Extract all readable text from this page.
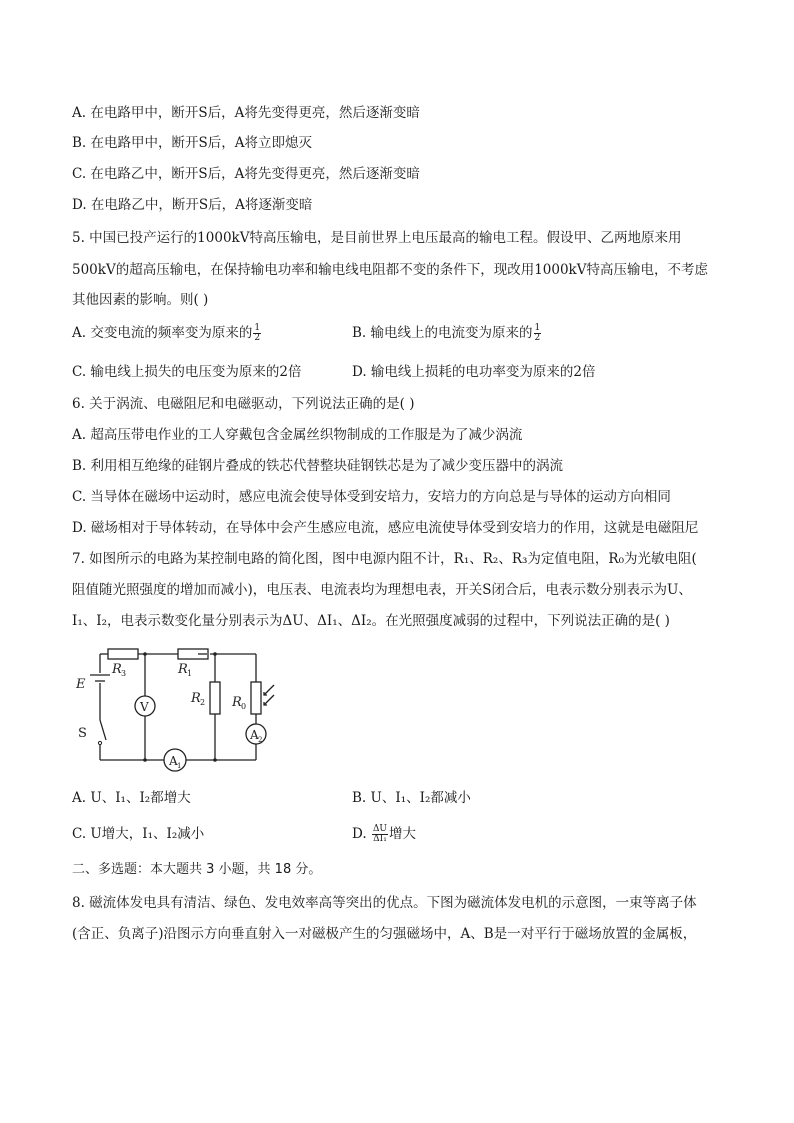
A. 在电路甲中，断开S后，A将先变得更亮，然后逐渐变暗
B. 在电路甲中，断开S后，A将立即熄灭
C. 在电路乙中，断开S后，A将先变得更亮，然后逐渐变暗
D. 在电路乙中，断开S后，A将逐渐变暗
5. 中国已投产运行的1000kV特高压输电，是目前世界上电压最高的输电工程。假设甲、乙两地原来用
500kV的超高压输电，在保持输电功率和输电线电阻都不变的条件下，现改用1000kV特高压输电，不考虑
其他因素的影响。则( )
A. 交变电流的频率变为原来的 $\frac{1}{2}$	B. 输电线上的电流变为原来的 $\frac{1}{2}$
C. 输电线上损失的电压变为原来的2倍	D. 输电线上损耗的电功率变为原来的2倍
6. 关于涡流、电磁阻尼和电磁驱动，下列说法正确的是( )
A. 超高压带电作业的工人穿戴包含金属丝织物制成的工作服是为了减少涡流
B. 利用相互绝缘的硅钢片叠成的铁芯代替整块硅钢铁芯是为了减少变压器中的涡流
C. 当导体在磁场中运动时，感应电流会使导体受到安培力，安培力的方向总是与导体的运动方向相同
D. 磁场相对于导体转动，在导体中会产生感应电流，感应电流使导体受到安培力的作用，这就是电磁阻尼
7. 如图所示的电路为某控制电路的简化图，图中电源内阻不计，R₁、R₂、R₃为定值电阻，R₀为光敏电阻(
阻值随光照强度的增加而减小)，电压表、电流表均为理想电表，开关S闭合后，电表示数分别表示为U、
I₁、I₂，电表示数变化量分别表示为ΔU、ΔI₁、ΔI₂。在光照强度减弱的过程中，下列说法正确的是( )
E
S
R 3	R 1
R 2 R 0
V
A 1
A 2
A. U、I₁、I₂都增大	B. U、I₁、I₂都减小
C. U增大，I₁、I₂减小	D. $\frac{\Delta U}{\text{ΔI₁}}$ 增大
二、多选题：本大题共 3 小题，共 18 分。
8. 磁流体发电具有清洁、绿色、发电效率高等突出的优点。下图为磁流体发电机的示意图，一束等离子体
(含正、负离子)沿图示方向垂直射入一对磁极产生的匀强磁场中，A、B是一对平行于磁场放置的金属板，
